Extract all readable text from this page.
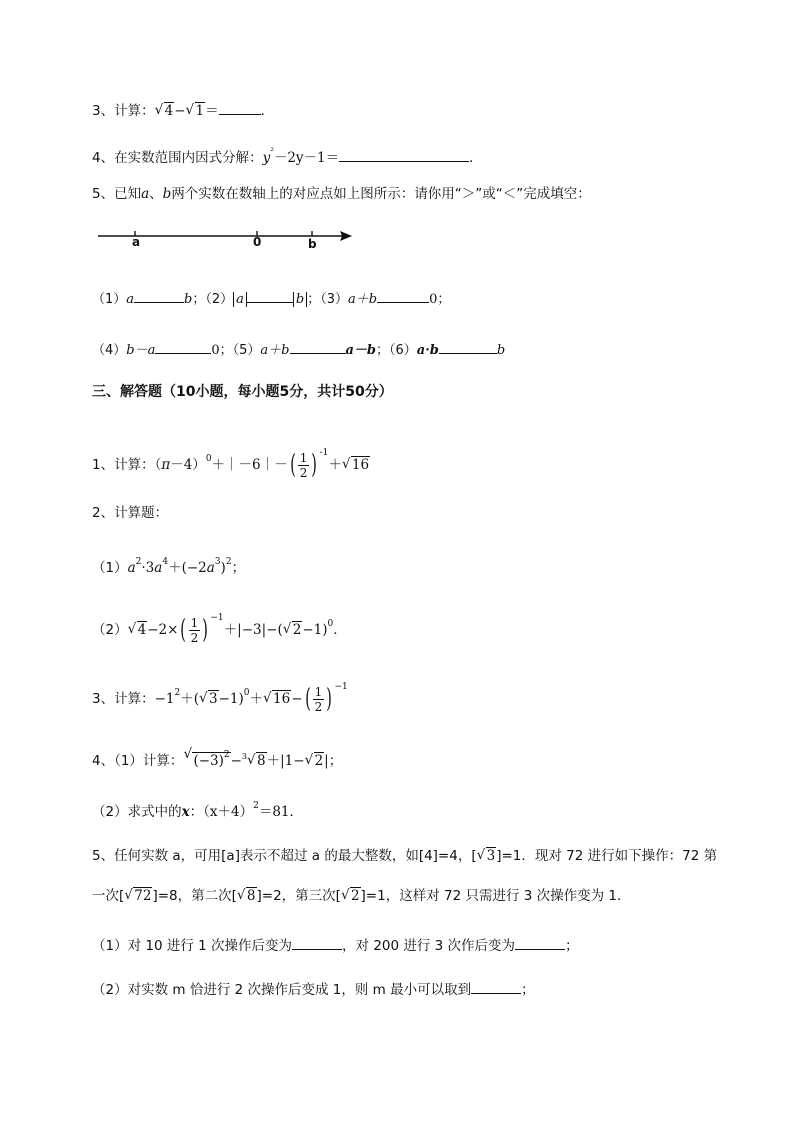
3、计算：√ 4−√ 1＝	．
4、在实数范围内因式分解：$y^{^2}-2y-1=$	．
5、已知a、b两个实数在数轴上的对应点如上图所示：请你用“＞”或“＜”完成填空：
a	0	b
（1）a	b；（2） a	b ；（3）a＋b	0；
（4）b－a	0；（5）a＋b	a－b；（6）a·b	b
三、解答题（10小题，每小题5分，共计50分）
1、计算：$(\pi-4)^0+|-6|-( \frac{1}{2}$ ) $^{-1}$＋√ 16
2、计算题：
$(1)a^2\cdot 3a^4+(-2a^3)^2$；
（2）√ $4-2\times( \frac{1}{2}$ ) $^{-1}$＋|−3|−(√ 2−1)$^0$．
3、计算：$-1^2+(√$ 3−1)$^0$＋√ $16-( \frac{1}{2}$ ) $^{-1}$
4、（1）计算：√ $(-3)^2-^3√$ 8＋|1−√ 2|；
（2）求式中的x：$(x+4)^2=81$．
5、任何实数 a，可用[a]表示不超过 a 的最大整数，如[4]=4，[√ 3]=1．现对 72 进行如下操作：72 第
一次[√ 72]=8，第二次[√ 8]=2，第三次[√ 2]=1，这样对 72 只需进行 3 次操作变为 1．
（1）对 10 进行 1 次操作后变为	，对 200 进行 3 次作后变为	；
（2）对实数 m 恰进行 2 次操作后变成 1，则 m 最小可以取到	；
